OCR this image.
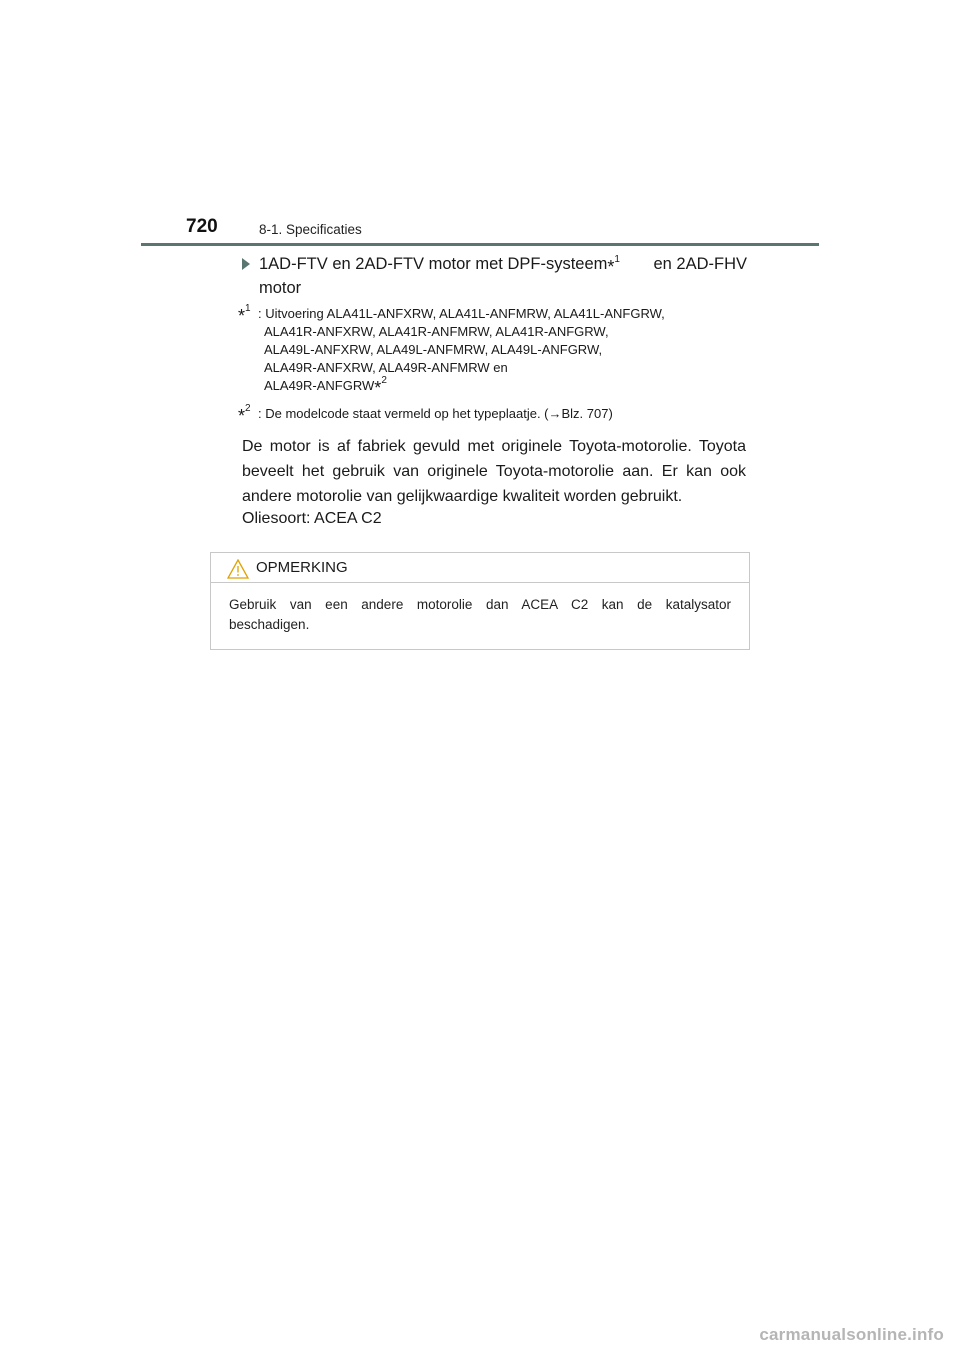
720	8-1. Specificaties
1AD-FTV en 2AD-FTV motor met DPF-systeem*$^1$ en 2AD-FHV
motor
*$^1$ : Uitvoering ALA41L-ANFXRW, ALA41L-ANFMRW, ALA41L-ANFGRW,
ALA41R-ANFXRW, ALA41R-ANFMRW, ALA41R-ANFGRW,
ALA49L-ANFXRW, ALA49L-ANFMRW, ALA49L-ANFGRW,
ALA49R-ANFXRW, ALA49R-ANFMRW en
ALA49R-ANFGRW*$^2$
*$^2$ : De modelcode staat vermeld op het typeplaatje. (→Blz. 707)
De motor is af fabriek gevuld met originele Toyota-motorolie. Toyota
beveelt het gebruik van originele Toyota-motorolie aan. Er kan ook
andere motorolie van gelijkwaardige kwaliteit worden gebruikt.
Oliesoort: ACEA C2
OPMERKING
Gebruik van een andere motorolie dan ACEA C2 kan de katalysator
beschadigen.
carmanualsonline.info
